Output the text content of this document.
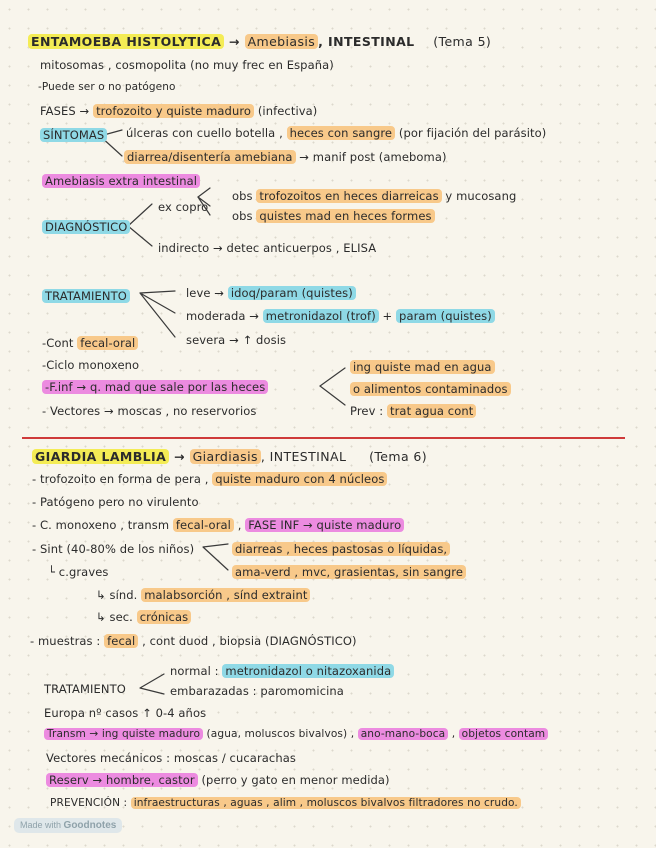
ENTAMOEBA HISTOLYTICA → Amebiasis , INTESTINAL (Tema 5)
mitosomas , cosmopolita (no muy frec en España)
-Puede ser o no patógeno
FASES → trofozoito y quiste maduro (infectiva)
SÍNTOMAS úlceras con cuello botella , heces con sangre (por fijación del parásito)
diarrea/disentería amebiana → manif post (ameboma)
Amebiasis extra intestinal
DIAGNÓSTICO
ex copro
obs trofozoitos en heces diarreicas y mucosang
obs quistes mad en heces formes
indirecto → detec anticuerpos , ELISA
TRATAMIENTO	leve → idoq/param (quistes)
moderada → metronidazol (trof) + param (quistes)
severa → ↑ dosis
-Cont fecal-oral
-Ciclo monoxeno
-F.inf → q. mad que sale por las heces
- Vectores → moscas , no reservorios
ing quiste mad en agua
o alimentos contaminados
Prev : trat agua cont
GIARDIA LAMBLIA → Giardiasis , INTESTINAL (Tema 6)
- trofozoito en forma de pera , quiste maduro con 4 núcleos
- Patógeno pero no virulento
- C. monoxeno , transm fecal-oral , FASE INF → quiste maduro
- Sint (40-80% de los niños)	diarreas , heces pastosas o líquidas,
ama-verd , mvc, grasientas, sin sangre
└ c.graves
↳ sínd. malabsorción , sínd extraint
↳ sec. crónicas
- muestras : fecal , cont duod , biopsia (DIAGNÓSTICO)
TRATAMIENTO
normal : metronidazol o nitazoxanida
embarazadas : paromomicina
Europa nº casos ↑ 0-4 años
Transm → ing quiste maduro (agua, moluscos bivalvos) , ano-mano-boca , objetos contam
Vectores mecánicos : moscas / cucarachas
Reserv → hombre, castor (perro y gato en menor medida)
PREVENCIÓN : infraestructuras , aguas , alim , moluscos bivalvos filtradores no crudo.
Made with Goodnotes
